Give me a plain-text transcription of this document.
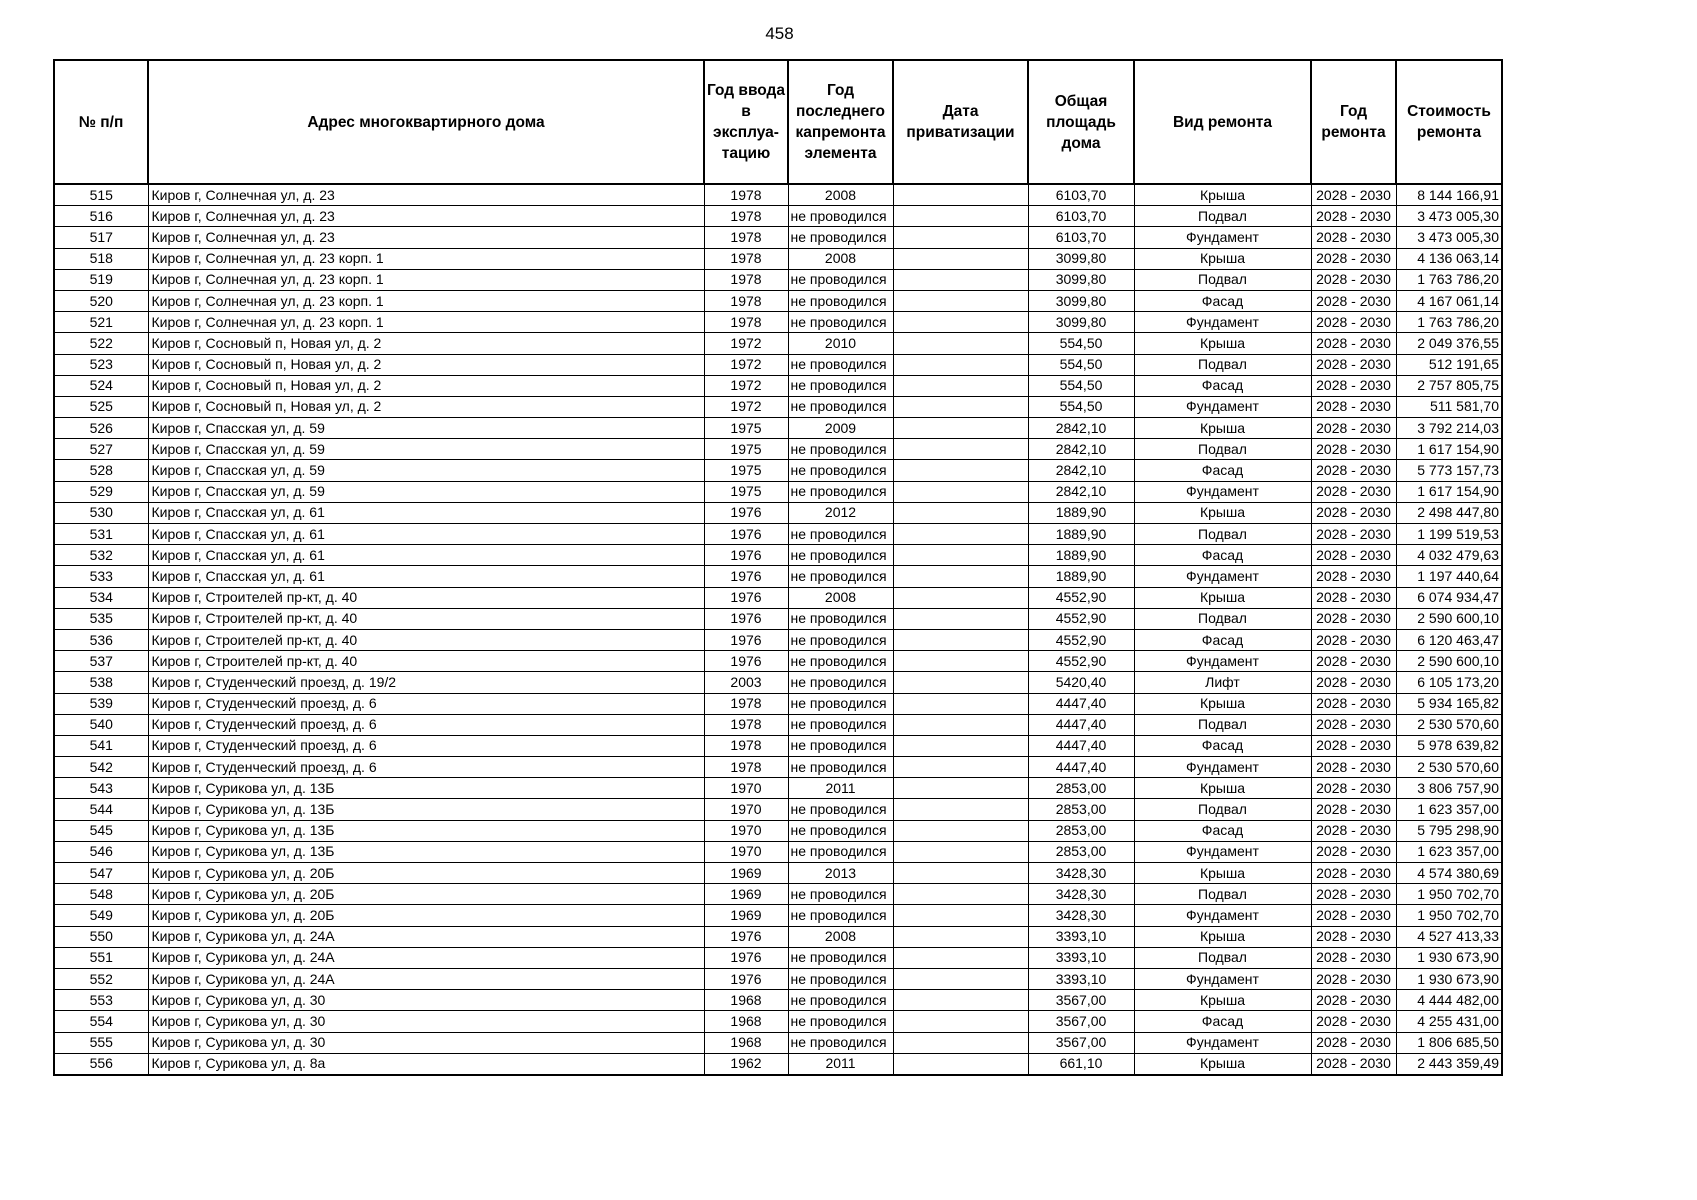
458
№ п/п	Адрес многоквартирного дома	Год ввода в эксплуа-тацию	Год последнего капремонта элемента	Дата приватизации	Общая площадь дома	Вид ремонта	Год ремонта	Стоимость ремонта
515	Киров г, Солнечная ул, д. 23	1978	2008		6103,70	Крыша	2028 - 2030	8 144 166,91
516	Киров г, Солнечная ул, д. 23	1978	не проводился		6103,70	Подвал	2028 - 2030	3 473 005,30
517	Киров г, Солнечная ул, д. 23	1978	не проводился		6103,70	Фундамент	2028 - 2030	3 473 005,30
518	Киров г, Солнечная ул, д. 23 корп. 1	1978	2008		3099,80	Крыша	2028 - 2030	4 136 063,14
519	Киров г, Солнечная ул, д. 23 корп. 1	1978	не проводился		3099,80	Подвал	2028 - 2030	1 763 786,20
520	Киров г, Солнечная ул, д. 23 корп. 1	1978	не проводился		3099,80	Фасад	2028 - 2030	4 167 061,14
521	Киров г, Солнечная ул, д. 23 корп. 1	1978	не проводился		3099,80	Фундамент	2028 - 2030	1 763 786,20
522	Киров г, Сосновый п, Новая ул, д. 2	1972	2010		554,50	Крыша	2028 - 2030	2 049 376,55
523	Киров г, Сосновый п, Новая ул, д. 2	1972	не проводился		554,50	Подвал	2028 - 2030	512 191,65
524	Киров г, Сосновый п, Новая ул, д. 2	1972	не проводился		554,50	Фасад	2028 - 2030	2 757 805,75
525	Киров г, Сосновый п, Новая ул, д. 2	1972	не проводился		554,50	Фундамент	2028 - 2030	511 581,70
526	Киров г, Спасская ул, д. 59	1975	2009		2842,10	Крыша	2028 - 2030	3 792 214,03
527	Киров г, Спасская ул, д. 59	1975	не проводился		2842,10	Подвал	2028 - 2030	1 617 154,90
528	Киров г, Спасская ул, д. 59	1975	не проводился		2842,10	Фасад	2028 - 2030	5 773 157,73
529	Киров г, Спасская ул, д. 59	1975	не проводился		2842,10	Фундамент	2028 - 2030	1 617 154,90
530	Киров г, Спасская ул, д. 61	1976	2012		1889,90	Крыша	2028 - 2030	2 498 447,80
531	Киров г, Спасская ул, д. 61	1976	не проводился		1889,90	Подвал	2028 - 2030	1 199 519,53
532	Киров г, Спасская ул, д. 61	1976	не проводился		1889,90	Фасад	2028 - 2030	4 032 479,63
533	Киров г, Спасская ул, д. 61	1976	не проводился		1889,90	Фундамент	2028 - 2030	1 197 440,64
534	Киров г, Строителей пр-кт, д. 40	1976	2008		4552,90	Крыша	2028 - 2030	6 074 934,47
535	Киров г, Строителей пр-кт, д. 40	1976	не проводился		4552,90	Подвал	2028 - 2030	2 590 600,10
536	Киров г, Строителей пр-кт, д. 40	1976	не проводился		4552,90	Фасад	2028 - 2030	6 120 463,47
537	Киров г, Строителей пр-кт, д. 40	1976	не проводился		4552,90	Фундамент	2028 - 2030	2 590 600,10
538	Киров г, Студенческий проезд, д. 19/2	2003	не проводился		5420,40	Лифт	2028 - 2030	6 105 173,20
539	Киров г, Студенческий проезд, д. 6	1978	не проводился		4447,40	Крыша	2028 - 2030	5 934 165,82
540	Киров г, Студенческий проезд, д. 6	1978	не проводился		4447,40	Подвал	2028 - 2030	2 530 570,60
541	Киров г, Студенческий проезд, д. 6	1978	не проводился		4447,40	Фасад	2028 - 2030	5 978 639,82
542	Киров г, Студенческий проезд, д. 6	1978	не проводился		4447,40	Фундамент	2028 - 2030	2 530 570,60
543	Киров г, Сурикова ул, д. 13Б	1970	2011		2853,00	Крыша	2028 - 2030	3 806 757,90
544	Киров г, Сурикова ул, д. 13Б	1970	не проводился		2853,00	Подвал	2028 - 2030	1 623 357,00
545	Киров г, Сурикова ул, д. 13Б	1970	не проводился		2853,00	Фасад	2028 - 2030	5 795 298,90
546	Киров г, Сурикова ул, д. 13Б	1970	не проводился		2853,00	Фундамент	2028 - 2030	1 623 357,00
547	Киров г, Сурикова ул, д. 20Б	1969	2013		3428,30	Крыша	2028 - 2030	4 574 380,69
548	Киров г, Сурикова ул, д. 20Б	1969	не проводился		3428,30	Подвал	2028 - 2030	1 950 702,70
549	Киров г, Сурикова ул, д. 20Б	1969	не проводился		3428,30	Фундамент	2028 - 2030	1 950 702,70
550	Киров г, Сурикова ул, д. 24А	1976	2008		3393,10	Крыша	2028 - 2030	4 527 413,33
551	Киров г, Сурикова ул, д. 24А	1976	не проводился		3393,10	Подвал	2028 - 2030	1 930 673,90
552	Киров г, Сурикова ул, д. 24А	1976	не проводился		3393,10	Фундамент	2028 - 2030	1 930 673,90
553	Киров г, Сурикова ул, д. 30	1968	не проводился		3567,00	Крыша	2028 - 2030	4 444 482,00
554	Киров г, Сурикова ул, д. 30	1968	не проводился		3567,00	Фасад	2028 - 2030	4 255 431,00
555	Киров г, Сурикова ул, д. 30	1968	не проводился		3567,00	Фундамент	2028 - 2030	1 806 685,50
556	Киров г, Сурикова ул, д. 8а	1962	2011		661,10	Крыша	2028 - 2030	2 443 359,49
